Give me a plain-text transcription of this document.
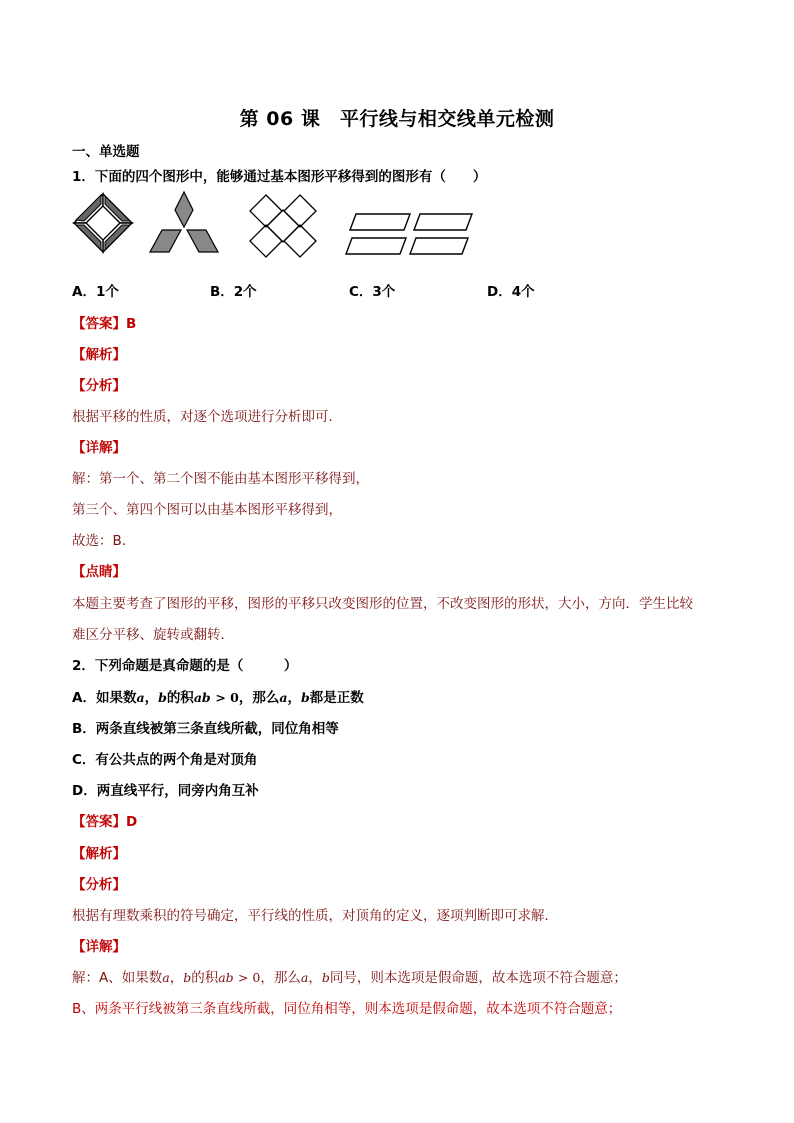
第 06 课　平行线与相交线单元检测
一、单选题
1．下面的四个图形中，能够通过基本图形平移得到的图形有（　　）
A．1个	B．2个	C．3个	D．4个
【答案】B
【解析】
【分析】
根据平移的性质，对逐个选项进行分析即可．
【详解】
解：第一个、第二个图不能由基本图形平移得到，
第三个、第四个图可以由基本图形平移得到，
故选：B．
【点睛】
本题主要考查了图形的平移，图形的平移只改变图形的位置，不改变图形的形状，大小，方向．学生比较
难区分平移、旋转或翻转．
2．下列命题是真命题的是（　　　）
A．如果数a，b的积ab > 0，那么a，b都是正数
B．两条直线被第三条直线所截，同位角相等
C．有公共点的两个角是对顶角
D．两直线平行，同旁内角互补
【答案】D
【解析】
【分析】
根据有理数乘积的符号确定，平行线的性质，对顶角的定义，逐项判断即可求解．
【详解】
解：A、如果数a，b的积ab > 0，那么a，b同号，则本选项是假命题，故本选项不符合题意；
B、两条平行线被第三条直线所截，同位角相等，则本选项是假命题，故本选项不符合题意；
